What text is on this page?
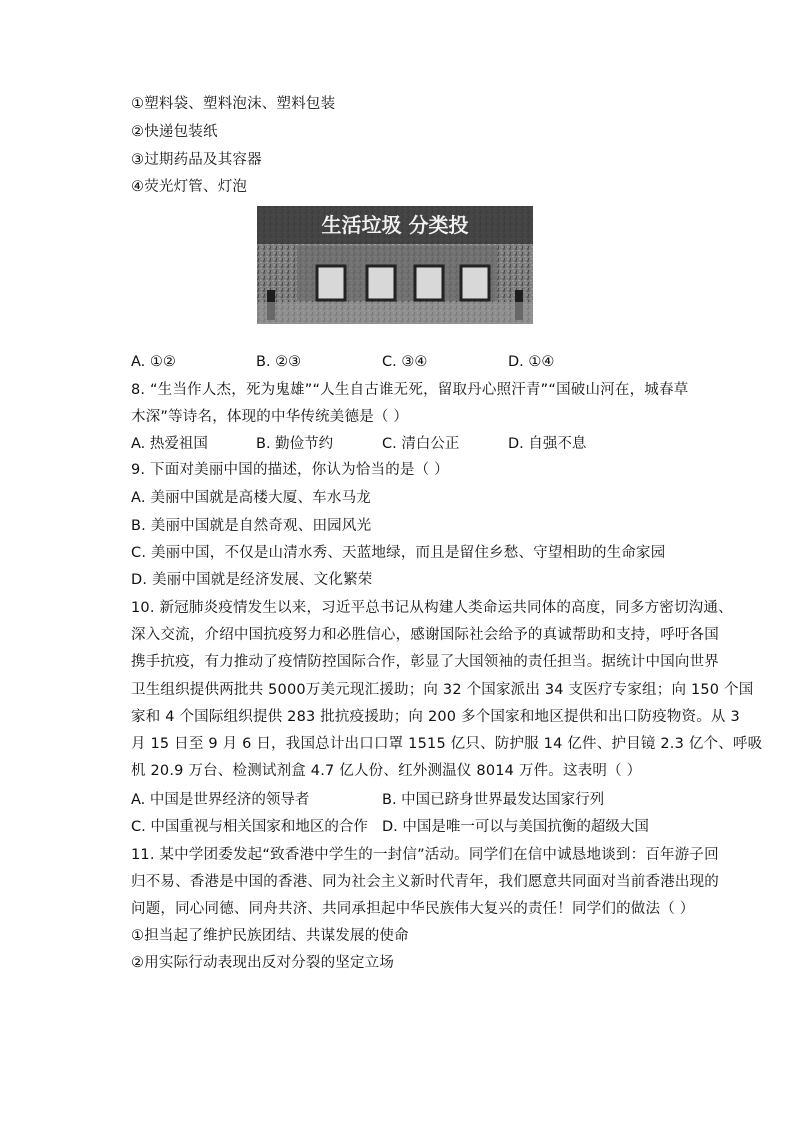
①塑料袋、塑料泡沫、塑料包装
②快递包装纸
③过期药品及其容器
④荧光灯管、灯泡
生活垃圾 分类投
A. ①②	B. ②③	C. ③④	D. ①④
8. “生当作人杰，死为鬼雄”“人生自古谁无死，留取丹心照汗青”“国破山河在，城春草
木深”等诗名，体现的中华传统美德是（ ）
A. 热爱祖国	B. 勤俭节约	C. 清白公正	D. 自强不息
9. 下面对美丽中国的描述，你认为恰当的是（ ）
A. 美丽中国就是高楼大厦、车水马龙
B. 美丽中国就是自然奇观、田园风光
C. 美丽中国，不仅是山清水秀、天蓝地绿，而且是留住乡愁、守望相助的生命家园
D. 美丽中国就是经济发展、文化繁荣
10. 新冠肺炎疫情发生以来，习近平总书记从构建人类命运共同体的高度，同多方密切沟通、
深入交流，介绍中国抗疫努力和必胜信心，感谢国际社会给予的真诚帮助和支持，呼吁各国
携手抗疫，有力推动了疫情防控国际合作，彰显了大国领袖的责任担当。据统计中国向世界
卫生组织提供两批共 5000万美元现汇援助；向 32 个国家派出 34 支医疗专家组；向 150 个国
家和 4 个国际组织提供 283 批抗疫援助；向 200 多个国家和地区提供和出口防疫物资。从 3
月 15 日至 9 月 6 日，我国总计出口口罩 1515 亿只、防护服 14 亿件、护目镜 2.3 亿个、呼吸
机 20.9 万台、检测试剂盒 4.7 亿人份、红外测温仪 8014 万件。这表明（ ）
A. 中国是世界经济的领导者	B. 中国已跻身世界最发达国家行列
C. 中国重视与相关国家和地区的合作 D. 中国是唯一可以与美国抗衡的超级大国
11. 某中学团委发起“致香港中学生的一封信”活动。同学们在信中诚恳地谈到：百年游子回
归不易、香港是中国的香港、同为社会主义新时代青年，我们愿意共同面对当前香港出现的
问题，同心同德、同舟共济、共同承担起中华民族伟大复兴的责任！同学们的做法（ ）
①担当起了维护民族团结、共谋发展的使命
②用实际行动表现出反对分裂的坚定立场
